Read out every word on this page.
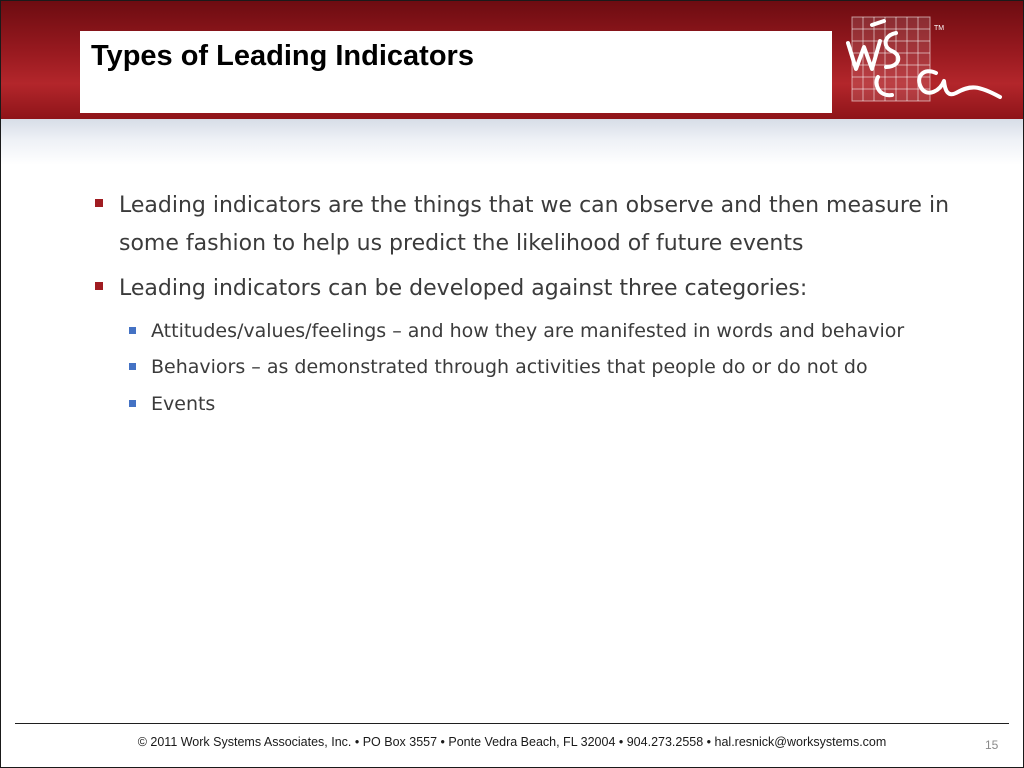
Types of Leading Indicators
TM
Leading indicators are the things that we can observe and then measure in some fashion to help us predict the likelihood of future events
Leading indicators can be developed against three categories:
Attitudes/values/feelings – and how they are manifested in words and behavior
Behaviors – as demonstrated through activities that people do or do not do
Events
© 2011 Work Systems Associates, Inc. • PO Box 3557 • Ponte Vedra Beach, FL 32004 • 904.273.2558 • hal.resnick@worksystems.com	15
